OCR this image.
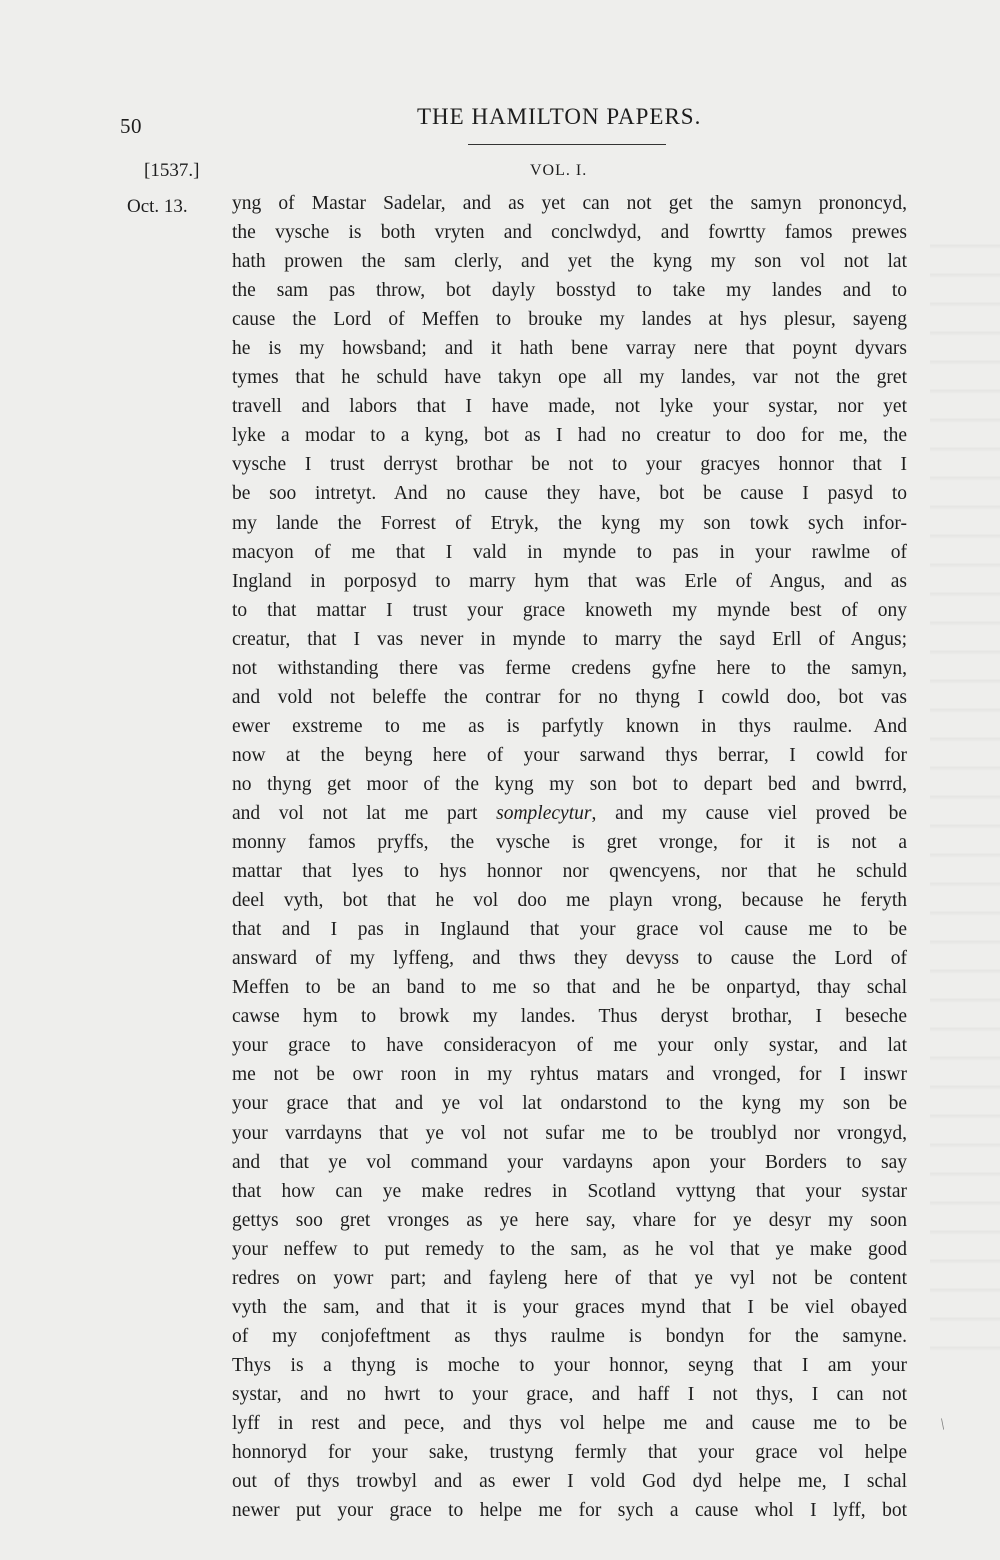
50	THE HAMILTON PAPERS.
[1537.]	VOL. I.
Oct. 13. yng of Mastar Sadelar, and as yet can not get the samyn prononcyd,
the vysche is both vryten and conclwdyd, and fowrtty famos prewes
hath prowen the sam clerly, and yet the kyng my son vol not lat
the sam pas throw, bot dayly bosstyd to take my landes and to
cause the Lord of Meffen to brouke my landes at hys plesur, sayeng
he is my howsband; and it hath bene varray nere that poynt dyvars
tymes that he schuld have takyn ope all my landes, var not the gret
travell and labors that I have made, not lyke your systar, nor yet
lyke a modar to a kyng, bot as I had no creatur to doo for me, the
vysche I trust derryst brothar be not to your gracyes honnor that I
be soo intretyt. And no cause they have, bot be cause I pasyd to
my lande the Forrest of Etryk, the kyng my son towk sych infor-
macyon of me that I vald in mynde to pas in your rawlme of
Ingland in porposyd to marry hym that was Erle of Angus, and as
to that mattar I trust your grace knoweth my mynde best of ony
creatur, that I vas never in mynde to marry the sayd Erll of Angus;
not withstanding there vas ferme credens gyfne here to the samyn,
and vold not beleffe the contrar for no thyng I cowld doo, bot vas
ewer exstreme to me as is parfytly known in thys raulme. And
now at the beyng here of your sarwand thys berrar, I cowld for
no thyng get moor of the kyng my son bot to depart bed and bwrrd,
and vol not lat me part somplecytur, and my cause viel proved be
monny famos pryffs, the vysche is gret vronge, for it is not a
mattar that lyes to hys honnor nor qwencyens, nor that he schuld
deel vyth, bot that he vol doo me playn vrong, because he feryth
that and I pas in Inglaund that your grace vol cause me to be
answard of my lyffeng, and thws they devyss to cause the Lord of
Meffen to be an band to me so that and he be onpartyd, thay schal
cawse hym to browk my landes. Thus deryst brothar, I beseche
your grace to have consideracyon of me your only systar, and lat
me not be owr roon in my ryhtus matars and vronged, for I inswr
your grace that and ye vol lat ondarstond to the kyng my son be
your varrdayns that ye vol not sufar me to be troublyd nor vrongyd,
and that ye vol command your vardayns apon your Borders to say
that how can ye make redres in Scotland vyttyng that your systar
gettys soo gret vronges as ye here say, vhare for ye desyr my soon
your neffew to put remedy to the sam, as he vol that ye make good
redres on yowr part; and fayleng here of that ye vyl not be content
vyth the sam, and that it is your graces mynd that I be viel obayed
of my conjofeftment as thys raulme is bondyn for the samyne.
Thys is a thyng is moche to your honnor, seyng that I am your
systar, and no hwrt to your grace, and haff I not thys, I can not
lyff in rest and pece, and thys vol helpe me and cause me to be
honnoryd for your sake, trustyng fermly that your grace vol helpe
out of thys trowbyl and as ewer I vold God dyd helpe me, I schal
newer put your grace to helpe me for sych a cause whol I lyff, bot
/
